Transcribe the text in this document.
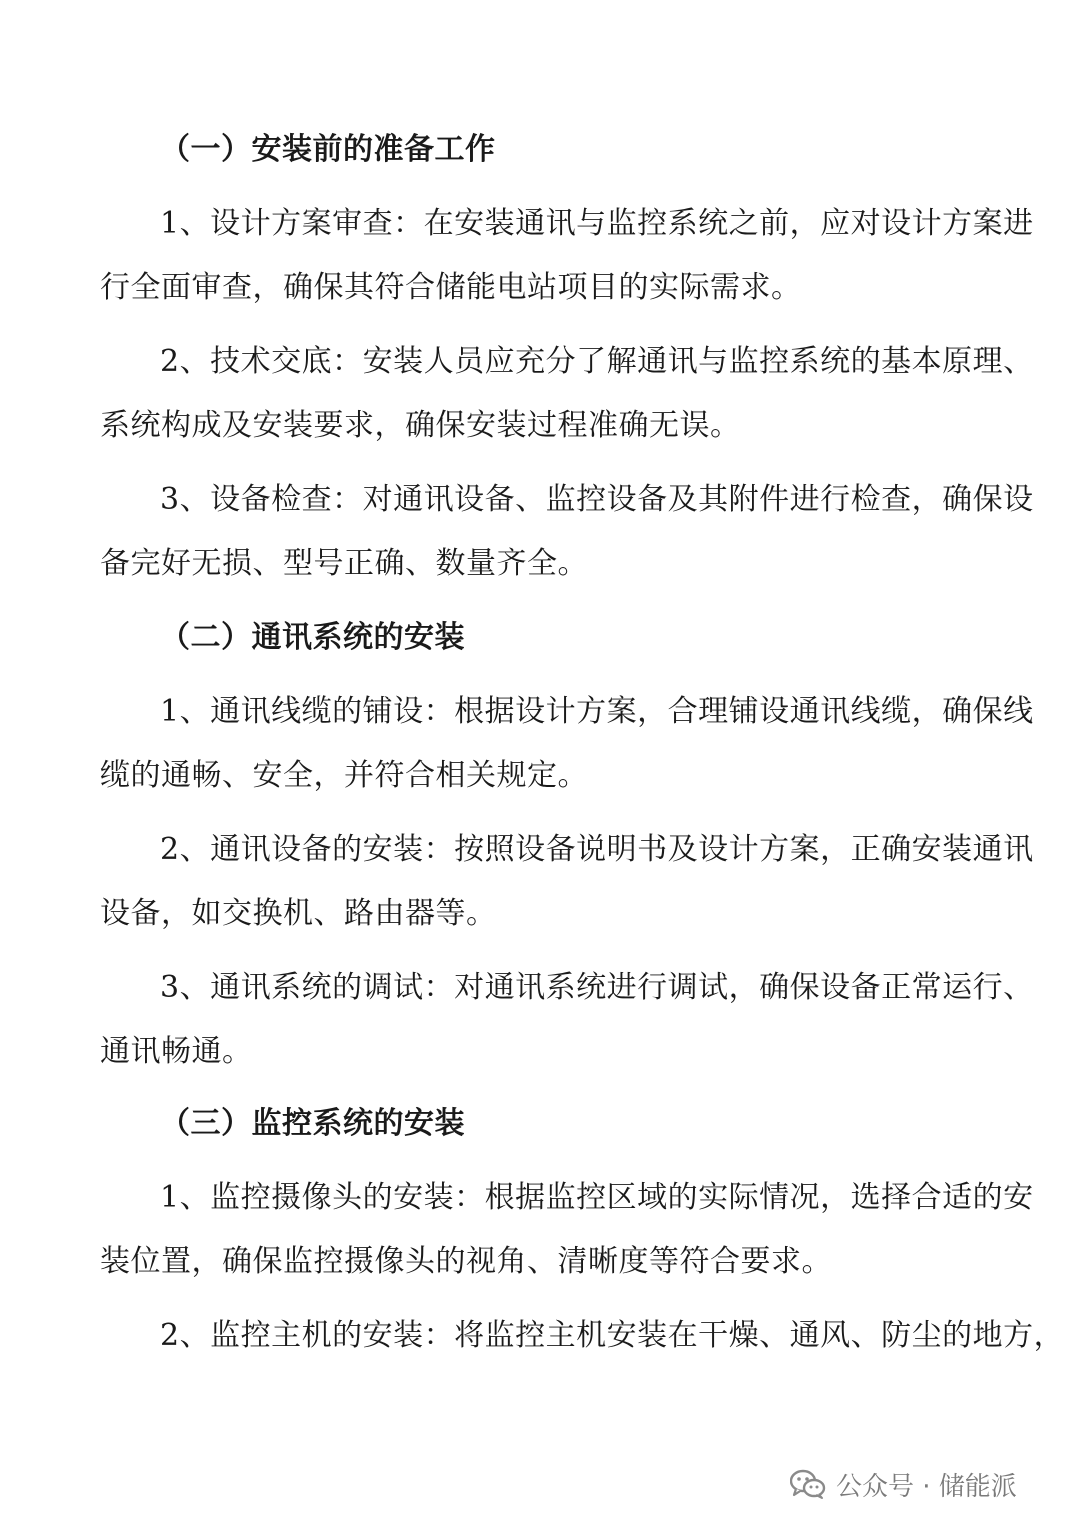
（一）安装前的准备工作
1、设计方案审查：在安装通讯与监控系统之前，应对设计方案进
行全面审查，确保其符合储能电站项目的实际需求。
2、技术交底：安装人员应充分了解通讯与监控系统的基本原理、
系统构成及安装要求，确保安装过程准确无误。
3、设备检查：对通讯设备、监控设备及其附件进行检查，确保设
备完好无损、型号正确、数量齐全。
（二）通讯系统的安装
1、通讯线缆的铺设：根据设计方案，合理铺设通讯线缆，确保线
缆的通畅、安全，并符合相关规定。
2、通讯设备的安装：按照设备说明书及设计方案，正确安装通讯
设备，如交换机、路由器等。
3、通讯系统的调试：对通讯系统进行调试，确保设备正常运行、
通讯畅通。
（三）监控系统的安装
1、监控摄像头的安装：根据监控区域的实际情况，选择合适的安
装位置，确保监控摄像头的视角、清晰度等符合要求。
2、监控主机的安装：将监控主机安装在干燥、通风、防尘的地方，
公众号 · 储能派
